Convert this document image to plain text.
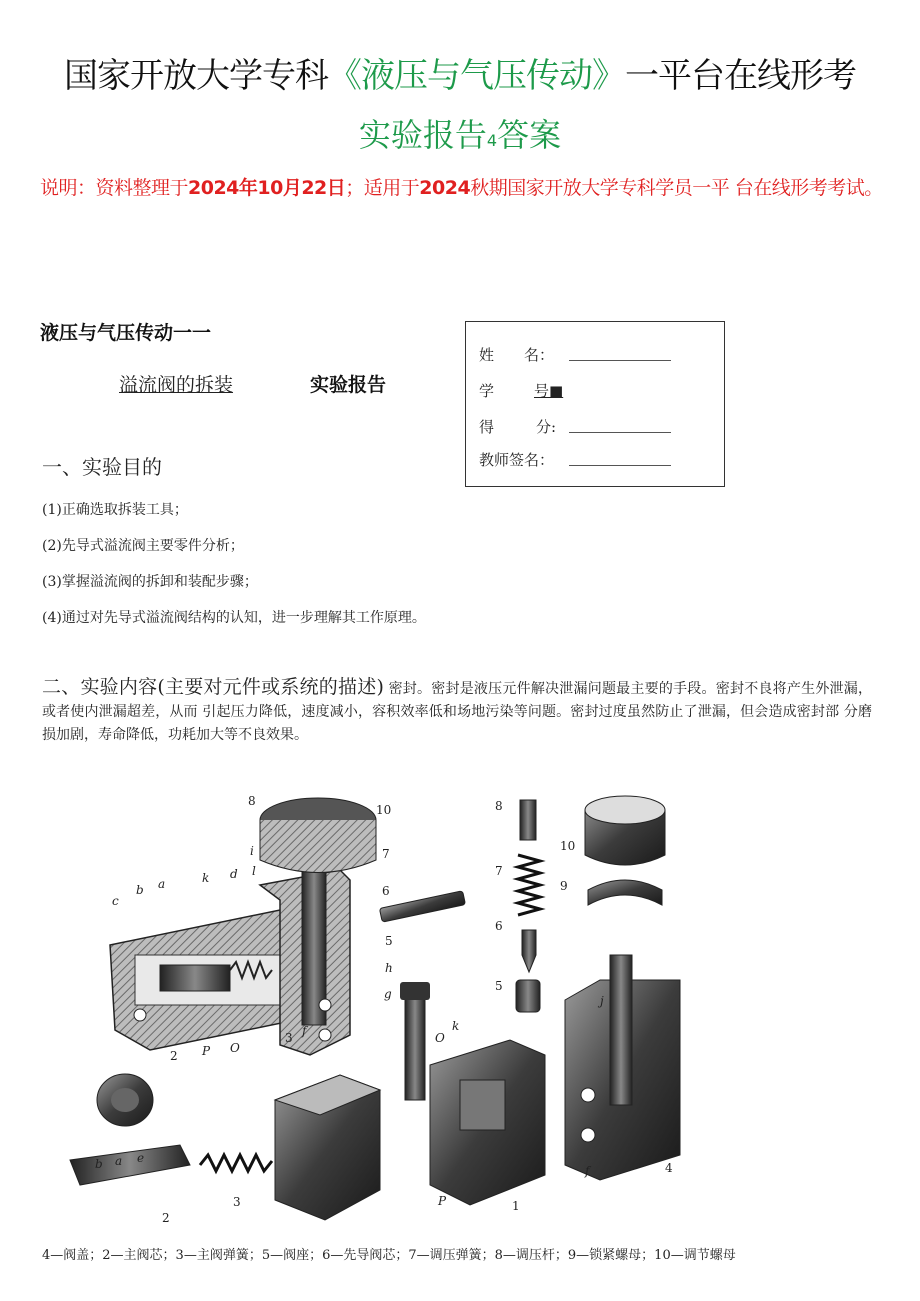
国家开放大学专科《液压与气压传动》一平台在线形考
实验报告4答案
说明：资料整理于2024年10月22日；适用于2024秋期国家开放大学专科学员一平 台在线形考考试。
液压与气压传动一一
溢流阀的拆装	实验报告
姓　　名：
学	号■
得	分:
教师签名：
一、实验目的
(1)正确选取拆装工具；
(2)先导式溢流阀主要零件分析；
(3)掌握溢流阀的拆卸和装配步骤；
(4)通过对先导式溢流阀结构的认知，进一步理解其工作原理。
二、实验内容(主要对元件或系统的描述) 密封。密封是液压元件解决泄漏问题最主要的手段。密封不良将产生外泄漏，或者使内泄漏超差，从而 引起压力降低，速度减小，容积效率低和场地污染等问题。密封过度虽然防止了泄漏，但会造成密封部 分磨损加剧，寿命降低，功耗加大等不良效果。
8
10
7
6
5
h
g
i
d l
c
b a	k
2 P O
3 f
8
7
6
5
10
9
j
f	4
O
k
P	1
b a e
2
3
4—阀盖；2—主阀芯；3—主阀弹簧；5—阀座；6—先导阀芯；7—调压弹簧；8—调压杆；9—锁紧螺母；10—调节螺母
